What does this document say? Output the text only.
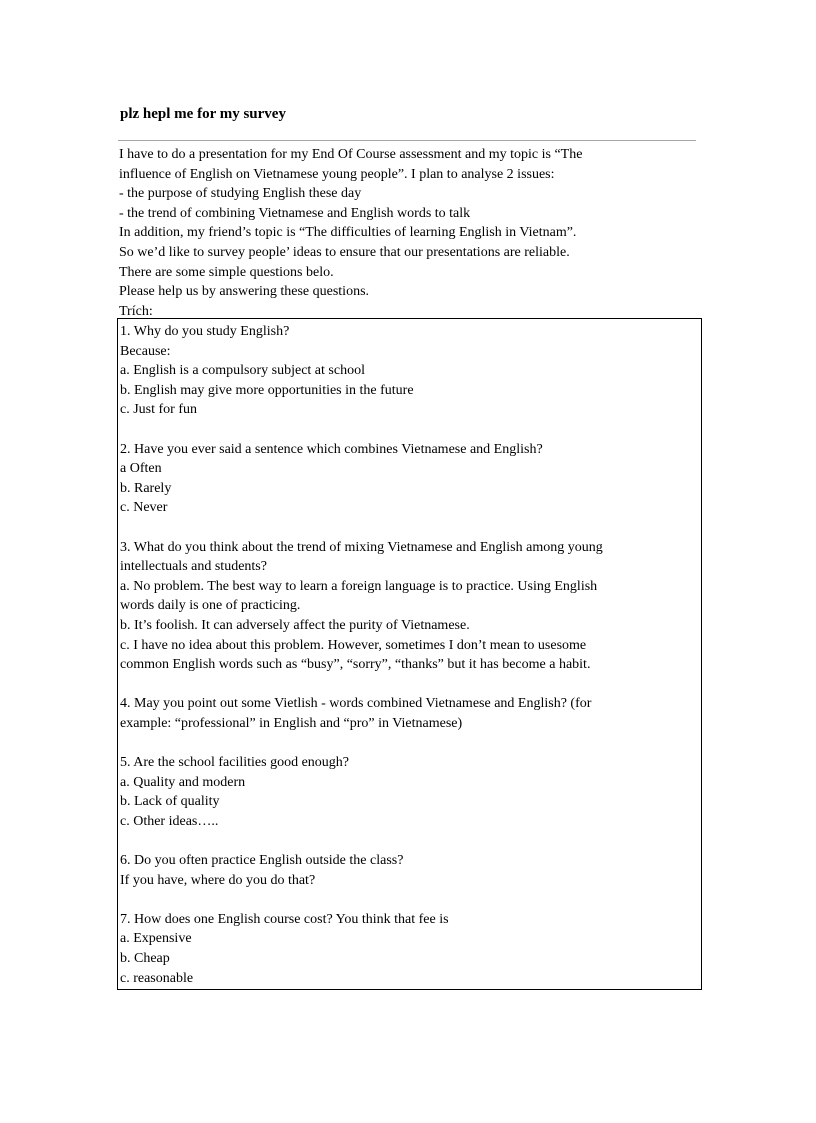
plz hepl me for my survey
I have to do a presentation for my End Of Course assessment and my topic is “The
influence of English on Vietnamese young people”. I plan to analyse 2 issues:
- the purpose of studying English these day
- the trend of combining Vietnamese and English words to talk
In addition, my friend’s topic is “The difficulties of learning English in Vietnam”.
So we’d like to survey people’ ideas to ensure that our presentations are reliable.
There are some simple questions belo.
Please help us by answering these questions.
Trích:
1. Why do you study English?
Because:
a. English is a compulsory subject at school
b. English may give more opportunities in the future
c. Just for fun
2. Have you ever said a sentence which combines Vietnamese and English?
a Often
b. Rarely
c. Never
3. What do you think about the trend of mixing Vietnamese and English among young
intellectuals and students?
a. No problem. The best way to learn a foreign language is to practice. Using English
words daily is one of practicing.
b. It’s foolish. It can adversely affect the purity of Vietnamese.
c. I have no idea about this problem. However, sometimes I don’t mean to usesome
common English words such as “busy”, “sorry”, “thanks” but it has become a habit.
4. May you point out some Vietlish - words combined Vietnamese and English? (for
example: “professional” in English and “pro” in Vietnamese)
5. Are the school facilities good enough?
a. Quality and modern
b. Lack of quality
c. Other ideas…..
6. Do you often practice English outside the class?
If you have, where do you do that?
7. How does one English course cost? You think that fee is
a. Expensive
b. Cheap
c. reasonable
